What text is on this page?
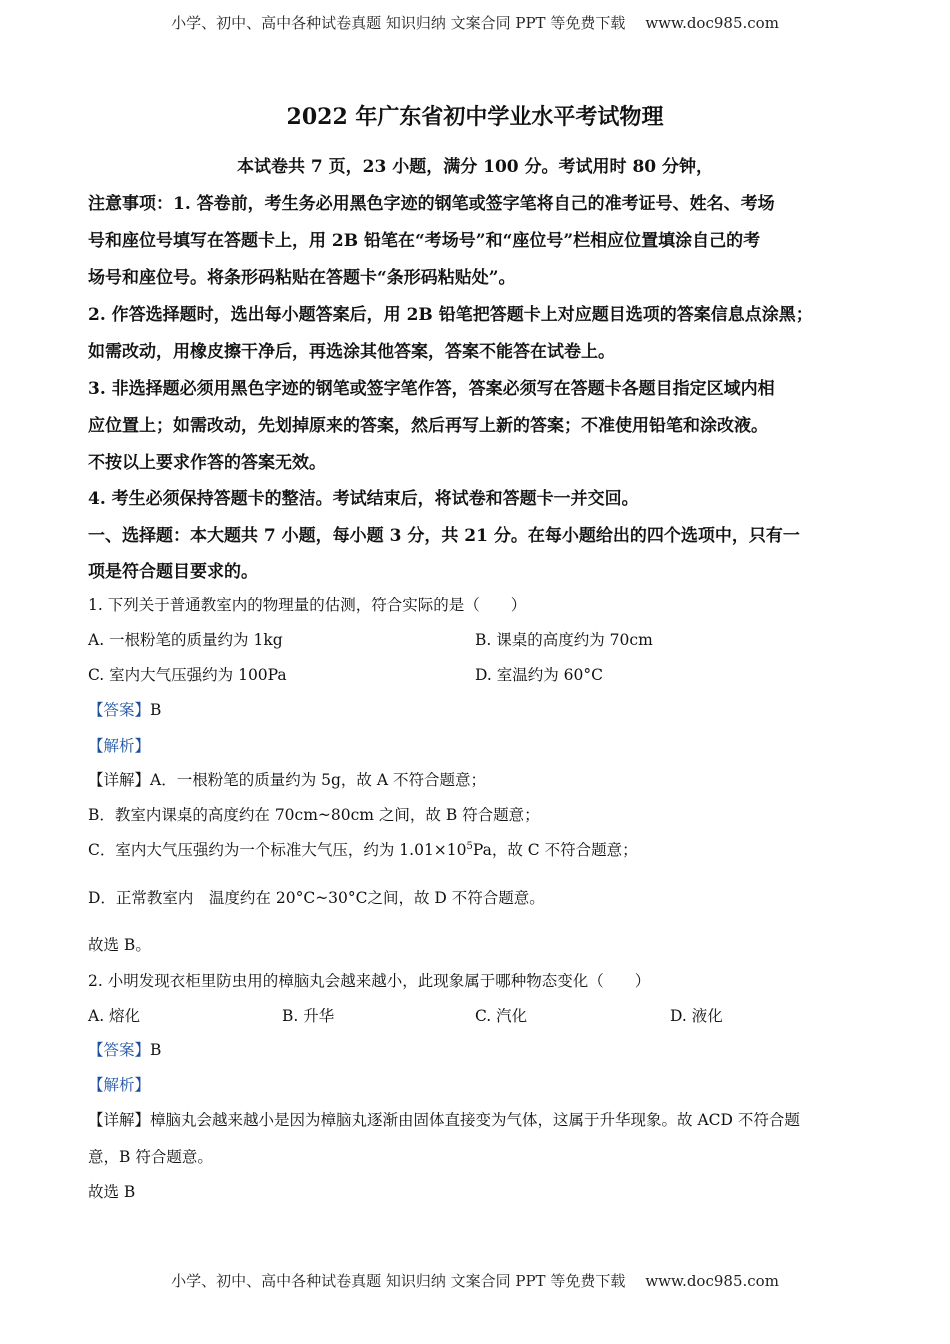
小学、初中、高中各种试卷真题 知识归纳 文案合同 PPT 等免费下载 www.doc985.com
2022 年广东省初中学业水平考试物理
本试卷共 7 页，23 小题，满分 100 分。考试用时 80 分钟，
注意事项：1. 答卷前，考生务必用黑色字迹的钢笔或签字笔将自己的准考证号、姓名、考场
号和座位号填写在答题卡上，用 2B 铅笔在“考场号”和“座位号”栏相应位置填涂自己的考
场号和座位号。将条形码粘贴在答题卡“条形码粘贴处”。
2. 作答选择题时，选出每小题答案后，用 2B 铅笔把答题卡上对应题目选项的答案信息点涂黑；
如需改动，用橡皮擦干净后，再选涂其他答案，答案不能答在试卷上。
3. 非选择题必须用黑色字迹的钢笔或签字笔作答，答案必须写在答题卡各题目指定区域内相
应位置上；如需改动，先划掉原来的答案，然后再写上新的答案；不准使用铅笔和涂改液。
不按以上要求作答的答案无效。
4. 考生必须保持答题卡的整洁。考试结束后，将试卷和答题卡一并交回。
一、选择题：本大题共 7 小题，每小题 3 分，共 21 分。在每小题给出的四个选项中，只有一
项是符合题目要求的。
1. 下列关于普通教室内的物理量的估测，符合实际的是（　　）
A. 一根粉笔的质量约为 1kg	B. 课桌的高度约为 70cm
C. 室内大气压强约为 100Pa	D. 室温约为 60°C
【答案】B
【解析】
【详解】A．一根粉笔的质量约为 5g，故 A 不符合题意；
B．教室内课桌的高度约在 70cm~80cm 之间，故 B 符合题意；
C．室内大气压强约为一个标准大气压，约为 $1.01\times 10^5Pa$，故 C 不符合题意；
D．正常教室内　温度约在 20°C~30°C之间，故 D 不符合题意。
故选 B。
2. 小明发现衣柜里防虫用的樟脑丸会越来越小，此现象属于哪种物态变化（　　）
A. 熔化	B. 升华	C. 汽化	D. 液化
【答案】B
【解析】
【详解】樟脑丸会越来越小是因为樟脑丸逐渐由固体直接变为气体，这属于升华现象。故 ACD 不符合题
意，B 符合题意。
故选 B
小学、初中、高中各种试卷真题 知识归纳 文案合同 PPT 等免费下载 www.doc985.com
